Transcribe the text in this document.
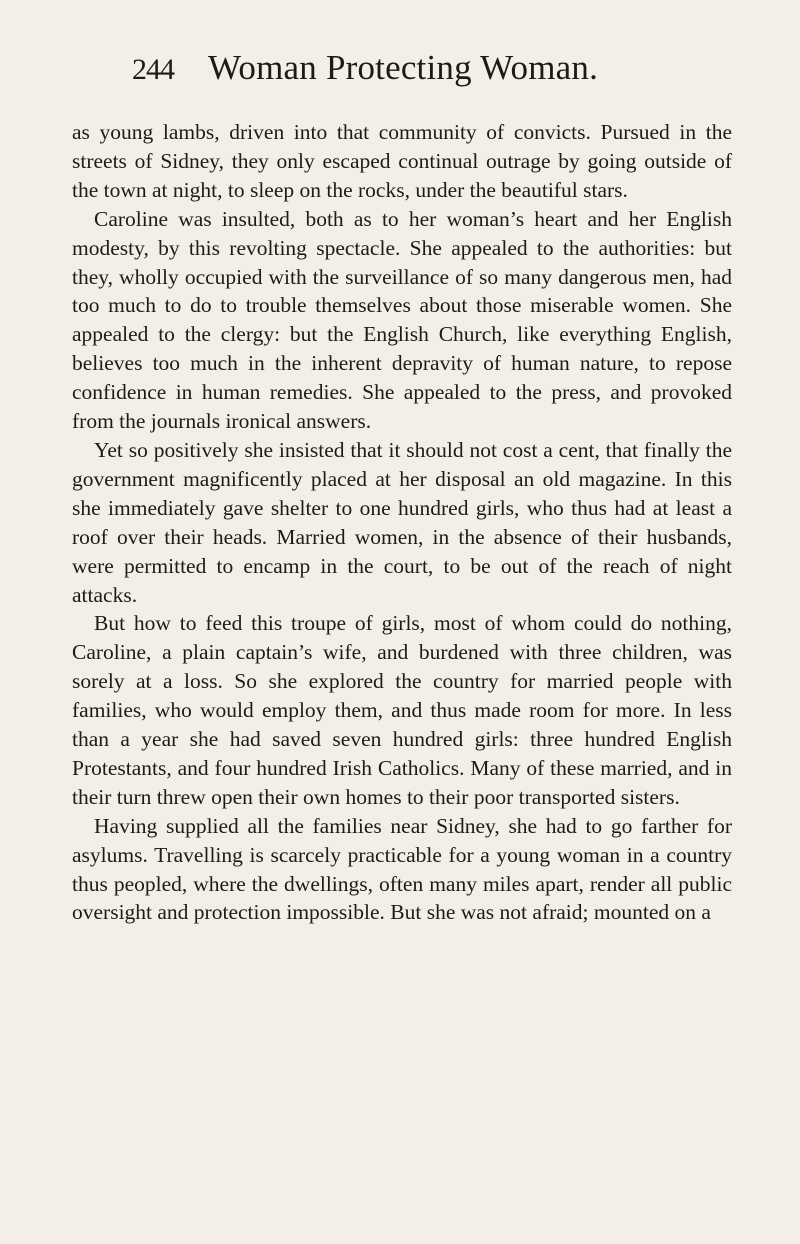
244 Woman Protecting Woman.

as young lambs, driven into that community of convicts. Pursued in the streets of Sidney, they only escaped continual outrage by going outside of the town at night, to sleep on the rocks, under the beautiful stars.

Caroline was insulted, both as to her woman’s heart and her English modesty, by this revolting spectacle. She appealed to the authorities: but they, wholly occupied with the surveillance of so many dangerous men, had too much to do to trouble themselves about those miserable women. She appealed to the clergy: but the English Church, like everything English, believes too much in the inherent depravity of human nature, to repose confidence in human remedies. She appealed to the press, and provoked from the journals ironical answers.

Yet so positively she insisted that it should not cost a cent, that finally the government magnificently placed at her disposal an old magazine. In this she immediately gave shelter to one hundred girls, who thus had at least a roof over their heads. Married women, in the absence of their husbands, were permitted to encamp in the court, to be out of the reach of night attacks.

But how to feed this troupe of girls, most of whom could do nothing, Caroline, a plain captain’s wife, and burdened with three children, was sorely at a loss. So she explored the country for married people with families, who would employ them, and thus made room for more. In less than a year she had saved seven hundred girls: three hundred English Protestants, and four hundred Irish Catholics. Many of these married, and in their turn threw open their own homes to their poor transported sisters.

Having supplied all the families near Sidney, she had to go farther for asylums. Travelling is scarcely practicable for a young woman in a country thus peopled, where the dwellings, often many miles apart, render all public oversight and protection impossible. But she was not afraid; mounted on a
